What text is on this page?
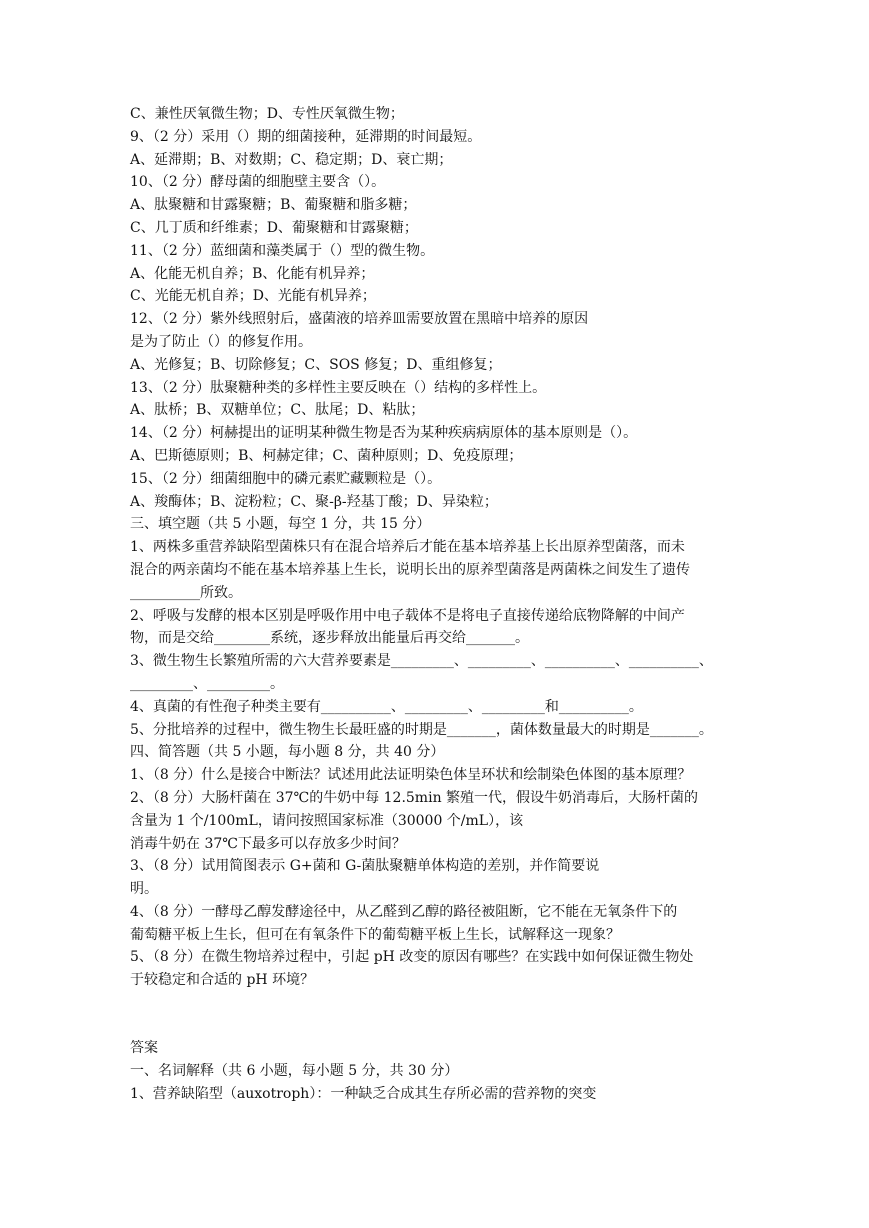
C、兼性厌氧微生物；D、专性厌氧微生物；
9、（2 分）采用（）期的细菌接种，延滞期的时间最短。
A、延滞期；B、对数期；C、稳定期；D、衰亡期；
10、（2 分）酵母菌的细胞壁主要含（）。
A、肽聚糖和甘露聚糖；B、葡聚糖和脂多糖；
C、几丁质和纤维素；D、葡聚糖和甘露聚糖；
11、（2 分）蓝细菌和藻类属于（）型的微生物。
A、化能无机自养；B、化能有机异养；
C、光能无机自养；D、光能有机异养；
12、（2 分）紫外线照射后，盛菌液的培养皿需要放置在黑暗中培养的原因
是为了防止（）的修复作用。
A、光修复；B、切除修复；C、SOS 修复；D、重组修复；
13、（2 分）肽聚糖种类的多样性主要反映在（）结构的多样性上。
A、肽桥；B、双糖单位；C、肽尾；D、粘肽；
14、（2 分）柯赫提出的证明某种微生物是否为某种疾病病原体的基本原则是（）。
A、巴斯德原则；B、柯赫定律；C、菌种原则；D、免疫原理；
15、（2 分）细菌细胞中的磷元素贮藏颗粒是（）。
A、羧酶体；B、淀粉粒；C、聚-β-羟基丁酸；D、异染粒；
三、填空题（共 5 小题，每空 1 分，共 15 分）
1、两株多重营养缺陷型菌株只有在混合培养后才能在基本培养基上长出原养型菌落，而未
混合的两亲菌均不能在基本培养基上生长，说明长出的原养型菌落是两菌株之间发生了遗传
__________所致。
2、呼吸与发酵的根本区别是呼吸作用中电子载体不是将电子直接传递给底物降解的中间产
物，而是交给________系统，逐步释放出能量后再交给_______。
3、微生物生长繁殖所需的六大营养要素是_________、_________、__________、__________、
_________、_________。
4、真菌的有性孢子种类主要有__________、_________、_________和__________。
5、分批培养的过程中，微生物生长最旺盛的时期是_______，菌体数量最大的时期是_______。
四、简答题（共 5 小题，每小题 8 分，共 40 分）
1、（8 分）什么是接合中断法？试述用此法证明染色体呈环状和绘制染色体图的基本原理？
2、（8 分）大肠杆菌在 37℃的牛奶中每 12.5min 繁殖一代，假设牛奶消毒后，大肠杆菌的
含量为 1 个/100mL，请问按照国家标准（30000 个/mL），该
消毒牛奶在 37℃下最多可以存放多少时间？
3、（8 分）试用简图表示 G+菌和 G-菌肽聚糖单体构造的差别，并作简要说
明。
4、（8 分）一酵母乙醇发酵途径中，从乙醛到乙醇的路径被阻断，它不能在无氧条件下的
葡萄糖平板上生长，但可在有氧条件下的葡萄糖平板上生长，试解释这一现象？
5、（8 分）在微生物培养过程中，引起 pH 改变的原因有哪些？在实践中如何保证微生物处
于较稳定和合适的 pH 环境？
答案
一、名词解释（共 6 小题，每小题 5 分，共 30 分）
1、营养缺陷型（auxotroph）：一种缺乏合成其生存所必需的营养物的突变
